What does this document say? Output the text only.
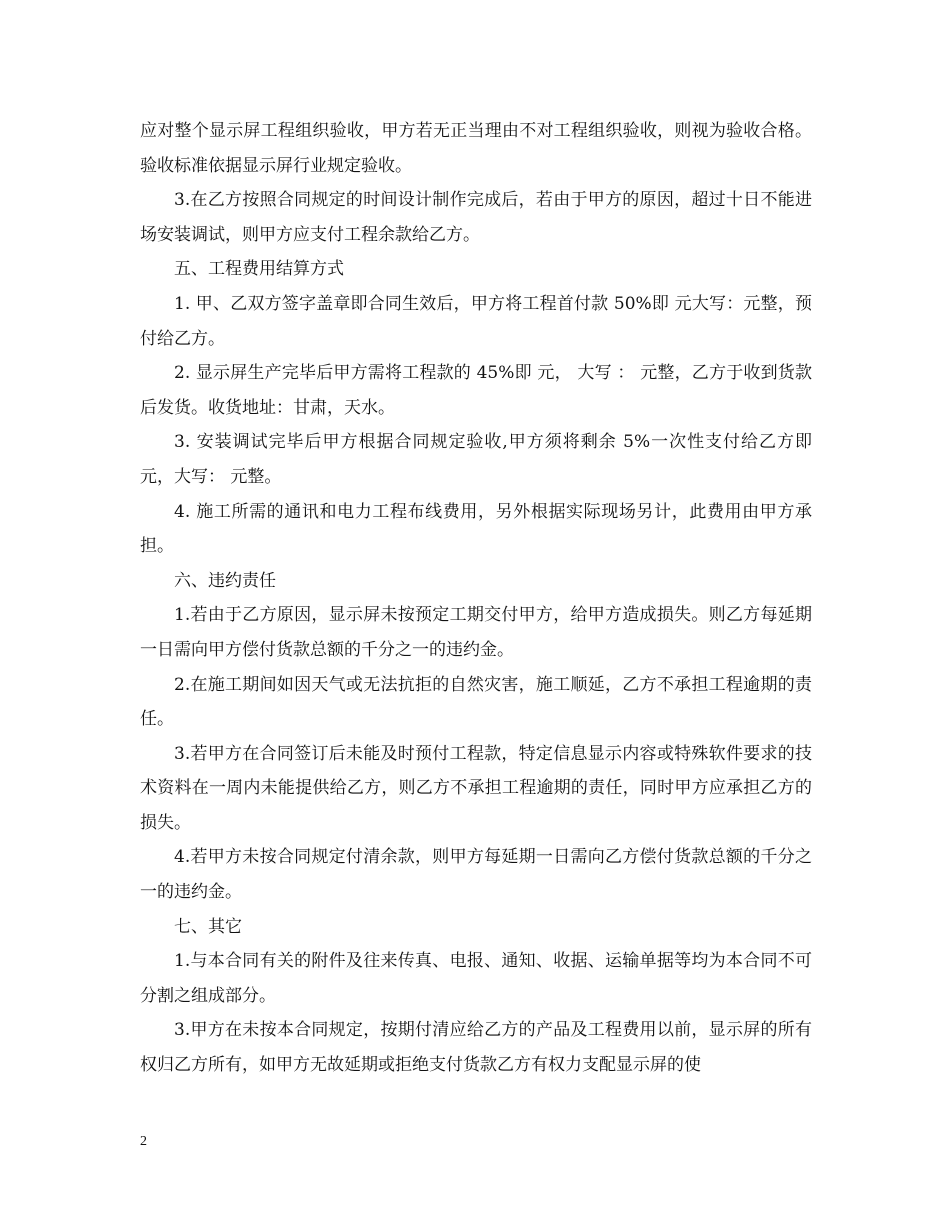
应对整个显示屏工程组织验收，甲方若无正当理由不对工程组织验收，则视为验收合格。验收标准依据显示屏行业规定验收。

3.在乙方按照合同规定的时间设计制作完成后，若由于甲方的原因，超过十日不能进场安装调试，则甲方应支付工程余款给乙方。

五、工程费用结算方式

1. 甲、乙双方签字盖章即合同生效后，甲方将工程首付款 50%即 元大写：元整，预付给乙方。

2. 显示屏生产完毕后甲方需将工程款的 45%即 元， 大写 ： 元整，乙方于收到货款后发货。收货地址：甘肃，天水。

3. 安装调试完毕后甲方根据合同规定验收,甲方须将剩余 5%一次性支付给乙方即 元，大写： 元整。

4. 施工所需的通讯和电力工程布线费用，另外根据实际现场另计，此费用由甲方承担。

六、违约责任

1.若由于乙方原因，显示屏未按预定工期交付甲方，给甲方造成损失。则乙方每延期一日需向甲方偿付货款总额的千分之一的违约金。

2.在施工期间如因天气或无法抗拒的自然灾害，施工顺延，乙方不承担工程逾期的责任。

3.若甲方在合同签订后未能及时预付工程款，特定信息显示内容或特殊软件要求的技术资料在一周内未能提供给乙方，则乙方不承担工程逾期的责任，同时甲方应承担乙方的损失。

4.若甲方未按合同规定付清余款，则甲方每延期一日需向乙方偿付货款总额的千分之一的违约金。

七、其它

1.与本合同有关的附件及往来传真、电报、通知、收据、运输单据等均为本合同不可分割之组成部分。

3.甲方在未按本合同规定，按期付清应给乙方的产品及工程费用以前，显示屏的所有权归乙方所有，如甲方无故延期或拒绝支付货款乙方有权力支配显示屏的使

2
